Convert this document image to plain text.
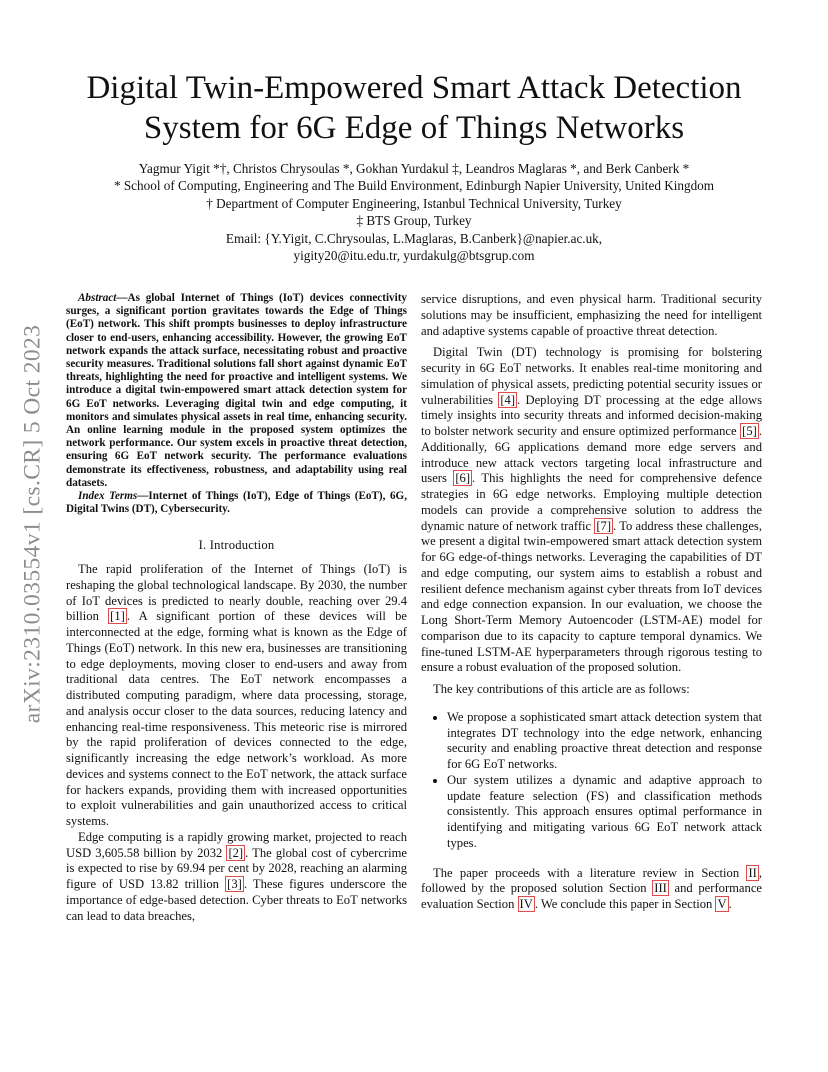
Digital Twin-Empowered Smart Attack Detection
System for 6G Edge of Things Networks
Yagmur Yigit *†, Christos Chrysoulas *, Gokhan Yurdakul ‡, Leandros Maglaras *, and Berk Canberk *
* School of Computing, Engineering and The Build Environment, Edinburgh Napier University, United Kingdom
† Department of Computer Engineering, Istanbul Technical University, Turkey
‡ BTS Group, Turkey
Email: {Y.Yigit, C.Chrysoulas, L.Maglaras, B.Canberk}@napier.ac.uk,
yigity20@itu.edu.tr, yurdakulg@btsgrup.com
arXiv:2310.03554v1 [cs.CR] 5 Oct 2023
Abstract—As global Internet of Things (IoT) devices connectivity surges, a significant portion gravitates towards the Edge of Things (EoT) network. This shift prompts businesses to deploy infrastructure closer to end-users, enhancing accessibility. However, the growing EoT network expands the attack surface, necessitating robust and proactive security measures. Traditional solutions fall short against dynamic EoT threats, highlighting the need for proactive and intelligent systems. We introduce a digital twin-empowered smart attack detection system for 6G EoT networks. Leveraging digital twin and edge computing, it monitors and simulates physical assets in real time, enhancing security. An online learning module in the proposed system optimizes the network performance. Our system excels in proactive threat detection, ensuring 6G EoT network security. The performance evaluations demonstrate its effectiveness, robustness, and adaptability using real datasets.
Index Terms—Internet of Things (IoT), Edge of Things (EoT), 6G, Digital Twins (DT), Cybersecurity.
I. Introduction

The rapid proliferation of the Internet of Things (IoT) is reshaping the global technological landscape. By 2030, the number of IoT devices is predicted to nearly double, reaching over 29.4 billion [1] . A significant portion of these devices will be interconnected at the edge, forming what is known as the Edge of Things (EoT) network. In this new era, businesses are transitioning to edge deployments, moving closer to end-users and away from traditional data centres. The EoT network encompasses a distributed computing paradigm, where data processing, storage, and analysis occur closer to the data sources, reducing latency and enhancing real-time responsiveness. This meteoric rise is mirrored by the rapid proliferation of devices connected to the edge, significantly increasing the edge network’s workload. As more devices and systems connect to the EoT network, the attack surface for hackers expands, providing them with increased opportunities to exploit vulnerabilities and gain unauthorized access to critical systems.

Edge computing is a rapidly growing market, projected to reach USD 3,605.58 billion by 2032 [2] . The global cost of cybercrime is expected to rise by 69.94 per cent by 2028, reaching an alarming figure of USD 13.82 trillion [3] . These figures underscore the importance of edge-based detection. Cyber threats to EoT networks can lead to data breaches,

service disruptions, and even physical harm. Traditional security solutions may be insufficient, emphasizing the need for intelligent and adaptive systems capable of proactive threat detection.

Digital Twin (DT) technology is promising for bolstering security in 6G EoT networks. It enables real-time monitoring and simulation of physical assets, predicting potential security issues or vulnerabilities [4] . Deploying DT processing at the edge allows timely insights into security threats and informed decision-making to bolster network security and ensure optimized performance [5] . Additionally, 6G applications demand more edge servers and introduce new attack vectors targeting local infrastructure and users [6] . This highlights the need for comprehensive defence strategies in 6G edge networks. Employing multiple detection models can provide a comprehensive solution to address the dynamic nature of network traffic [7] . To address these challenges, we present a digital twin-empowered smart attack detection system for 6G edge-of-things networks. Leveraging the capabilities of DT and edge computing, our system aims to establish a robust and resilient defence mechanism against cyber threats from IoT devices and edge connection expansion. In our evaluation, we choose the Long Short-Term Memory Autoencoder (LSTM-AE) model for comparison due to its capacity to capture temporal dynamics. We fine-tuned LSTM-AE hyperparameters through rigorous testing to ensure a robust evaluation of the proposed solution.

The key contributions of this article are as follows:

• We propose a sophisticated smart attack detection system that integrates DT technology into the edge network, enhancing security and enabling proactive threat detection and response for 6G EoT networks.
• Our system utilizes a dynamic and adaptive approach to update feature selection (FS) and classification methods consistently. This approach ensures optimal performance in identifying and mitigating various 6G EoT network attack types.

The paper proceeds with a literature review in Section II , followed by the proposed solution Section III and performance evaluation Section IV . We conclude this paper in Section V .
